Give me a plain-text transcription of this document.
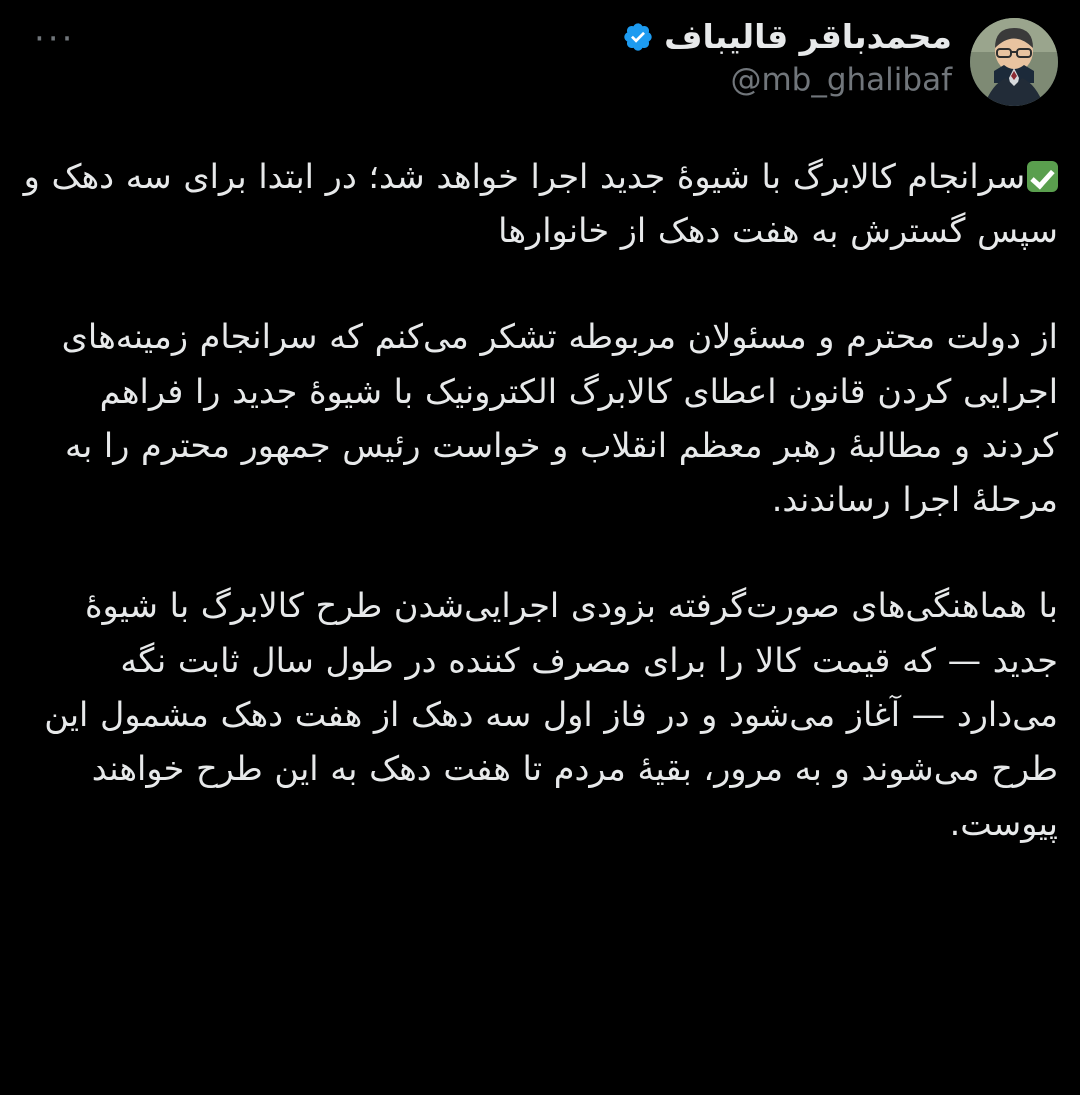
···	محمدباقر قالیباف
@mb_ghalibaf

سرانجام کالابرگ با شیوهٔ جدید اجرا خواهد شد؛ در ابتدا برای سه دهک و سپس گسترش به هفت دهک از خانوارها

از دولت محترم و مسئولان مربوطه تشکر می‌کنم که سرانجام زمینه‌های اجرایی کردن قانون اعطای کالابرگ الکترونیک با شیوهٔ جدید را فراهم کردند و مطالبهٔ رهبر معظم انقلاب و خواست رئیس جمهور محترم را به مرحلهٔ اجرا رساندند.

با هماهنگی‌های صورت‌گرفته بزودی اجرایی‌شدن طرح کالابرگ با شیوهٔ جدید — که قیمت کالا را برای مصرف کننده در طول سال ثابت نگه می‌دارد — آغاز می‌شود و در فاز اول سه دهک از هفت دهک مشمول این طرح می‌شوند و به مرور، بقیهٔ مردم تا هفت دهک به این طرح خواهند پیوست.
